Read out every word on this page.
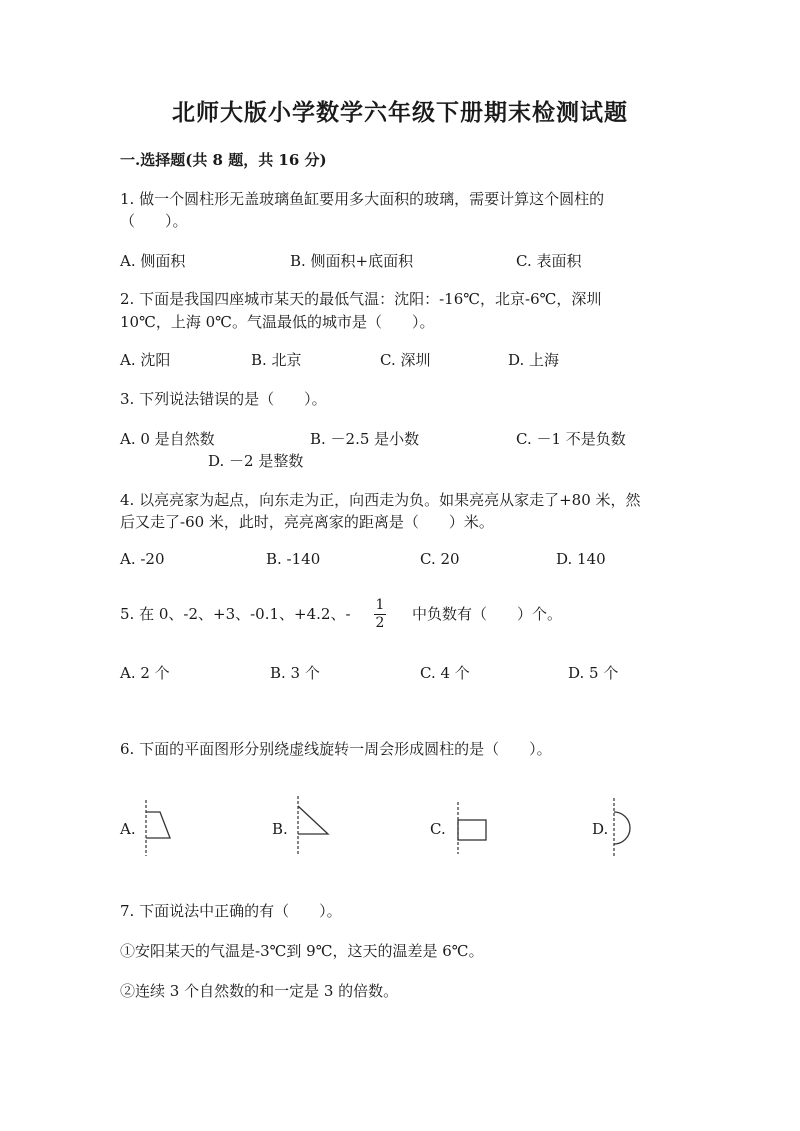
北师大版小学数学六年级下册期末检测试题
一.选择题(共 8 题，共 16 分)
1. 做一个圆柱形无盖玻璃鱼缸要用多大面积的玻璃，需要计算这个圆柱的
（　　）。
A. 侧面积	B. 侧面积+底面积	C. 表面积
2. 下面是我国四座城市某天的最低气温：沈阳：-16℃，北京-6℃，深圳
10℃，上海 0℃。气温最低的城市是（　　）。
A. 沈阳	B. 北京	C. 深圳	D. 上海
3. 下列说法错误的是（　　）。
A. 0 是自然数	B. －2.5 是小数	C. －1 不是负数
D. －2 是整数
4. 以亮亮家为起点，向东走为正，向西走为负。如果亮亮从家走了+80 米，然
后又走了-60 米，此时，亮亮离家的距离是（　　）米。
A. -20	B. -140	C. 20	D. 140
5. 在 0、-2、+3、-0.1、+4.2、- 1
2 中负数有（　　）个。
A. 2 个	B. 3 个	C. 4 个	D. 5 个
6. 下面的平面图形分别绕虚线旋转一周会形成圆柱的是（　　）。
A.	B.	C.	D.
7. 下面说法中正确的有（　　）。
①安阳某天的气温是-3℃到 9℃，这天的温差是 6℃。
②连续 3 个自然数的和一定是 3 的倍数。
